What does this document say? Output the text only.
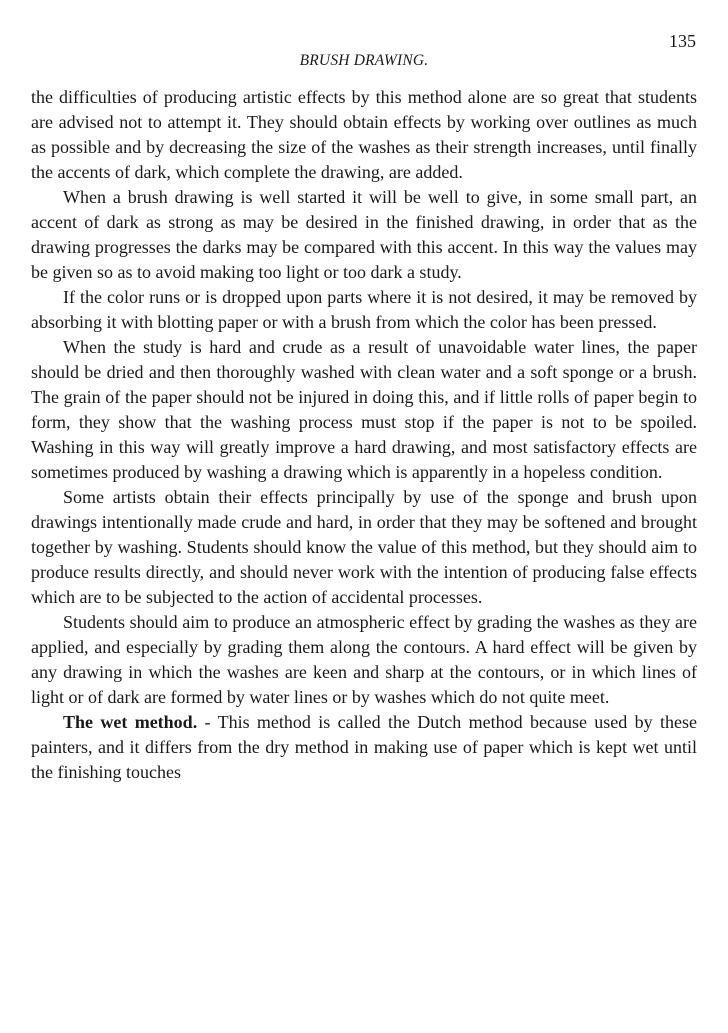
135
BRUSH DRAWING.

the difficulties of producing artistic effects by this method alone are so great that students are advised not to attempt it. They should obtain effects by working over outlines as much as possible and by decreasing the size of the washes as their strength increases, until finally the accents of dark, which complete the drawing, are added.

When a brush drawing is well started it will be well to give, in some small part, an accent of dark as strong as may be desired in the finished drawing, in order that as the drawing progresses the darks may be compared with this accent. In this way the values may be given so as to avoid making too light or too dark a study.

If the color runs or is dropped upon parts where it is not desired, it may be removed by absorbing it with blotting paper or with a brush from which the color has been pressed.

When the study is hard and crude as a result of unavoidable water lines, the paper should be dried and then thoroughly washed with clean water and a soft sponge or a brush. The grain of the paper should not be injured in doing this, and if little rolls of paper begin to form, they show that the washing process must stop if the paper is not to be spoiled. Washing in this way will greatly improve a hard drawing, and most satisfactory effects are sometimes produced by washing a drawing which is apparently in a hopeless condition.

Some artists obtain their effects principally by use of the sponge and brush upon drawings intentionally made crude and hard, in order that they may be softened and brought together by washing. Students should know the value of this method, but they should aim to produce results directly, and should never work with the intention of producing false effects which are to be subjected to the action of accidental processes.

Students should aim to produce an atmospheric effect by grading the washes as they are applied, and especially by grading them along the contours. A hard effect will be given by any drawing in which the washes are keen and sharp at the contours, or in which lines of light or of dark are formed by water lines or by washes which do not quite meet.

The wet method. - This method is called the Dutch method because used by these painters, and it differs from the dry method in making use of paper which is kept wet until the finishing touches
